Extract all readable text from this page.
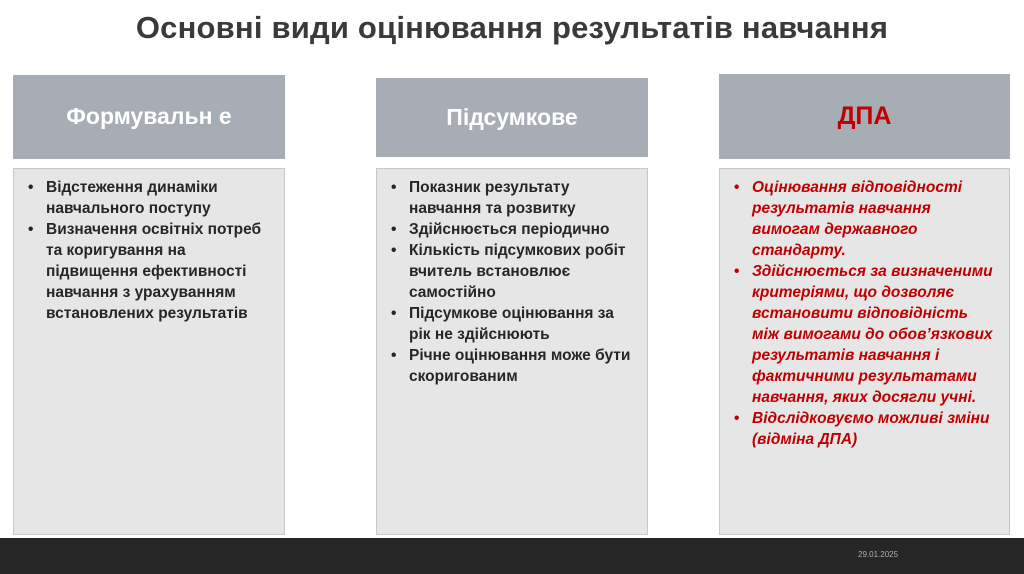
Основні види оцінювання результатів навчання
Формувальн е
• Відстеження динаміки навчального поступу
• Визначення освітніх потреб та коригування на підвищення ефективності навчання з урахуванням встановлених результатів
Підсумкове
• Показник результату навчання та розвитку
• Здійснюється періодично
• Кількість підсумкових робіт вчитель встановлює самостійно
• Підсумкове оцінювання за рік не здійснюють
• Річне оцінювання може бути скоригованим
ДПА
• Оцінювання відповідності результатів навчання вимогам державного стандарту.
• Здійснюється за визначеними критеріями, що дозволяє встановити відповідність між вимогами до обов’язкових результатів навчання і фактичними результатами навчання, яких досягли учні.
• Відслідковуємо можливі зміни (відміна ДПА)
29.01.2025
